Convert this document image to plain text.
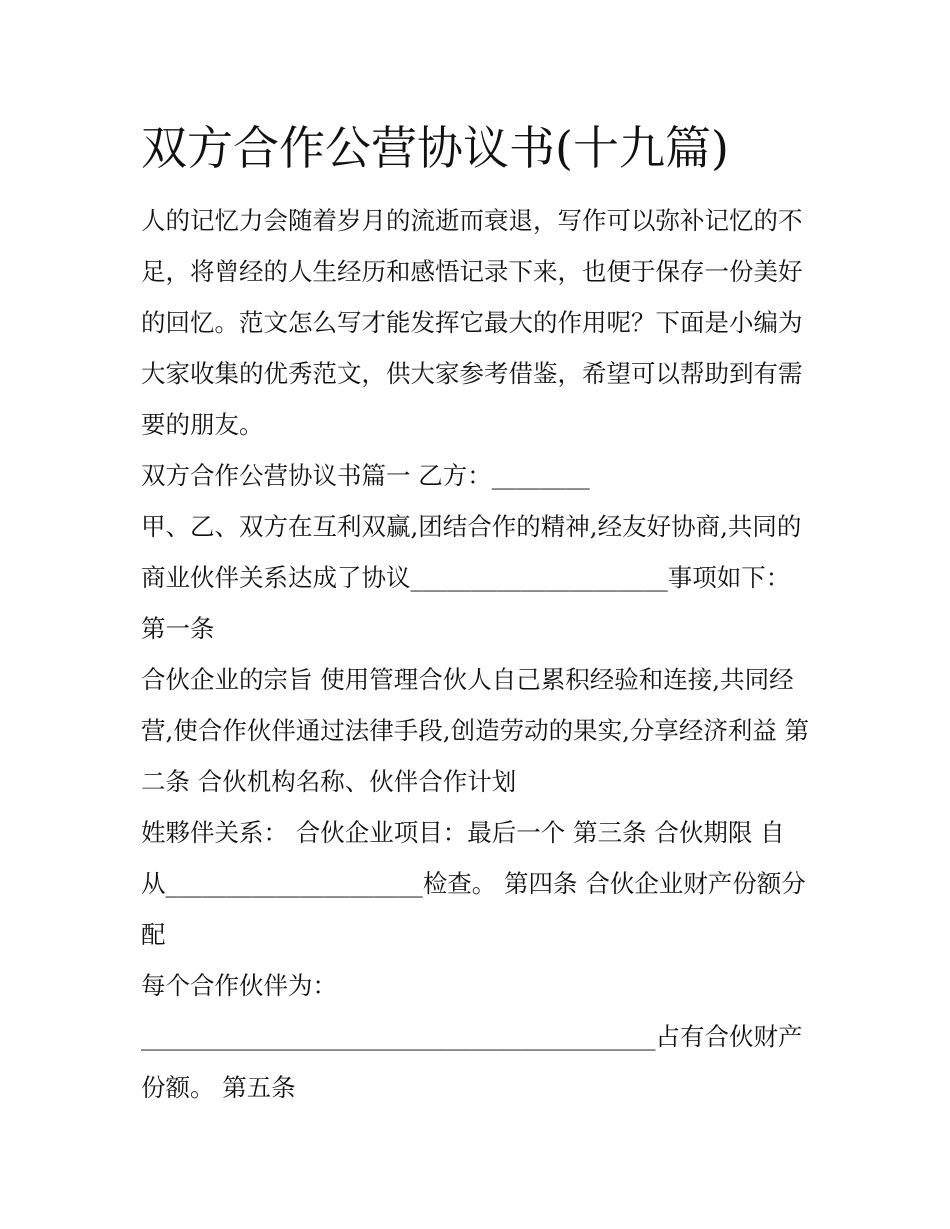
双方合作公营协议书(十九篇)

人的记忆力会随着岁月的流逝而衰退，写作可以弥补记忆的不

足，将曾经的人生经历和感悟记录下来，也便于保存一份美好

的回忆。范文怎么写才能发挥它最大的作用呢？下面是小编为

大家收集的优秀范文，供大家参考借鉴，希望可以帮助到有需

要的朋友。

双方合作公营协议书篇一 乙方：________

甲、乙、双方在互利双赢,团结合作的精神,经友好协商,共同的

商业伙伴关系达成了协议_____________________事项如下：

第一条

合伙企业的宗旨 使用管理合伙人自己累积经验和连接,共同经

营,使合作伙伴通过法律手段,创造劳动的果实,分享经济利益 第

二条 合伙机构名称、伙伴合作计划

姓夥伴关系： 合伙企业项目：最后一个 第三条 合伙期限 自

从_____________________检查。 第四条 合伙企业财产份额分

配

每个合作伙伴为：

__________________________________________占有合伙财产

份额。 第五条
